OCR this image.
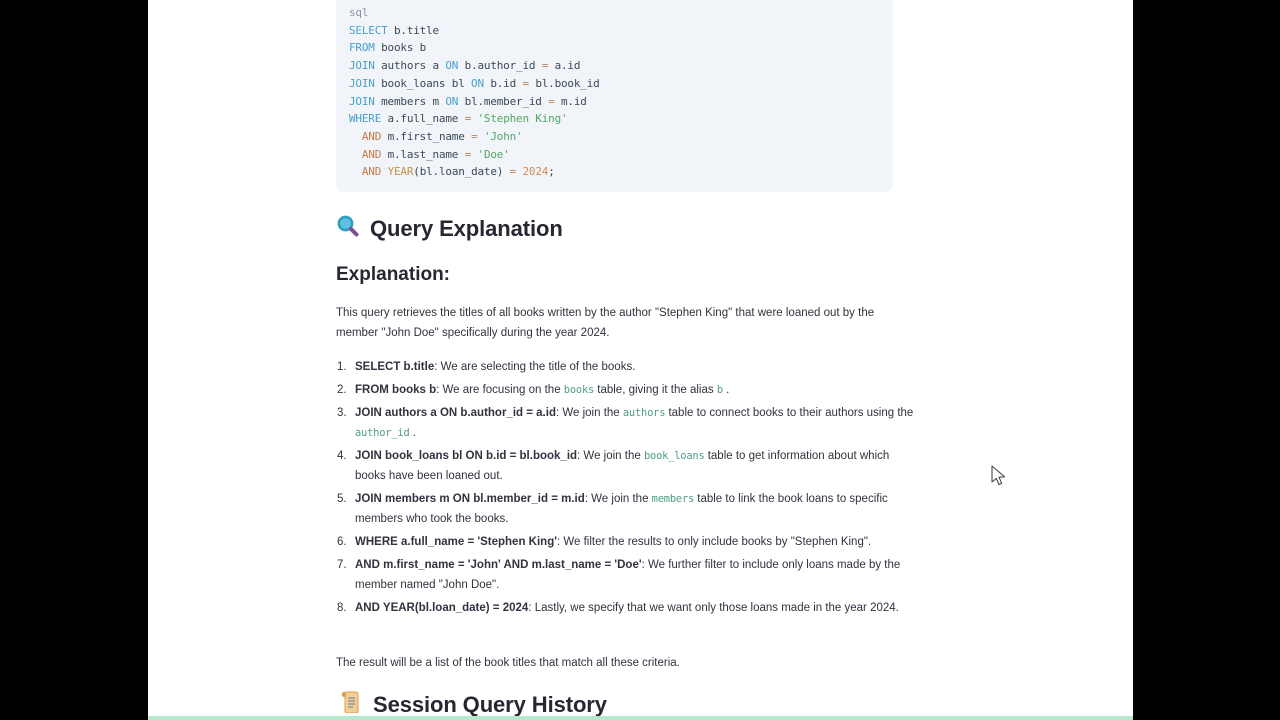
sql
SELECT b.title
FROM books b
JOIN authors a ON b.author_id = a.id
JOIN book_loans bl ON b.id = bl.book_id
JOIN members m ON bl.member_id = m.id
WHERE a.full_name = 'Stephen King'
AND m.first_name = 'John'
AND m.last_name = 'Doe'
AND YEAR(bl.loan_date) = 2024;
Query Explanation
Explanation:

This query retrieves the titles of all books written by the author "Stephen King" that were loaned out by the member "John Doe" specifically during the year 2024.

1. SELECT b.title: We are selecting the title of the books.
2. FROM books b: We are focusing on the books table, giving it the alias b .
3. JOIN authors a ON b.author_id = a.id: We join the authors table to connect books to their authors using the author_id .
4. JOIN book_loans bl ON b.id = bl.book_id: We join the book_loans table to get information about which books have been loaned out.
5. JOIN members m ON bl.member_id = m.id: We join the members table to link the book loans to specific members who took the books.
6. WHERE a.full_name = 'Stephen King': We filter the results to only include books by "Stephen King".
7. AND m.first_name = 'John' AND m.last_name = 'Doe': We further filter to include only loans made by the member named "John Doe".
8. AND YEAR(bl.loan_date) = 2024: Lastly, we specify that we want only those loans made in the year 2024.

The result will be a list of the book titles that match all these criteria.

Session Query History
